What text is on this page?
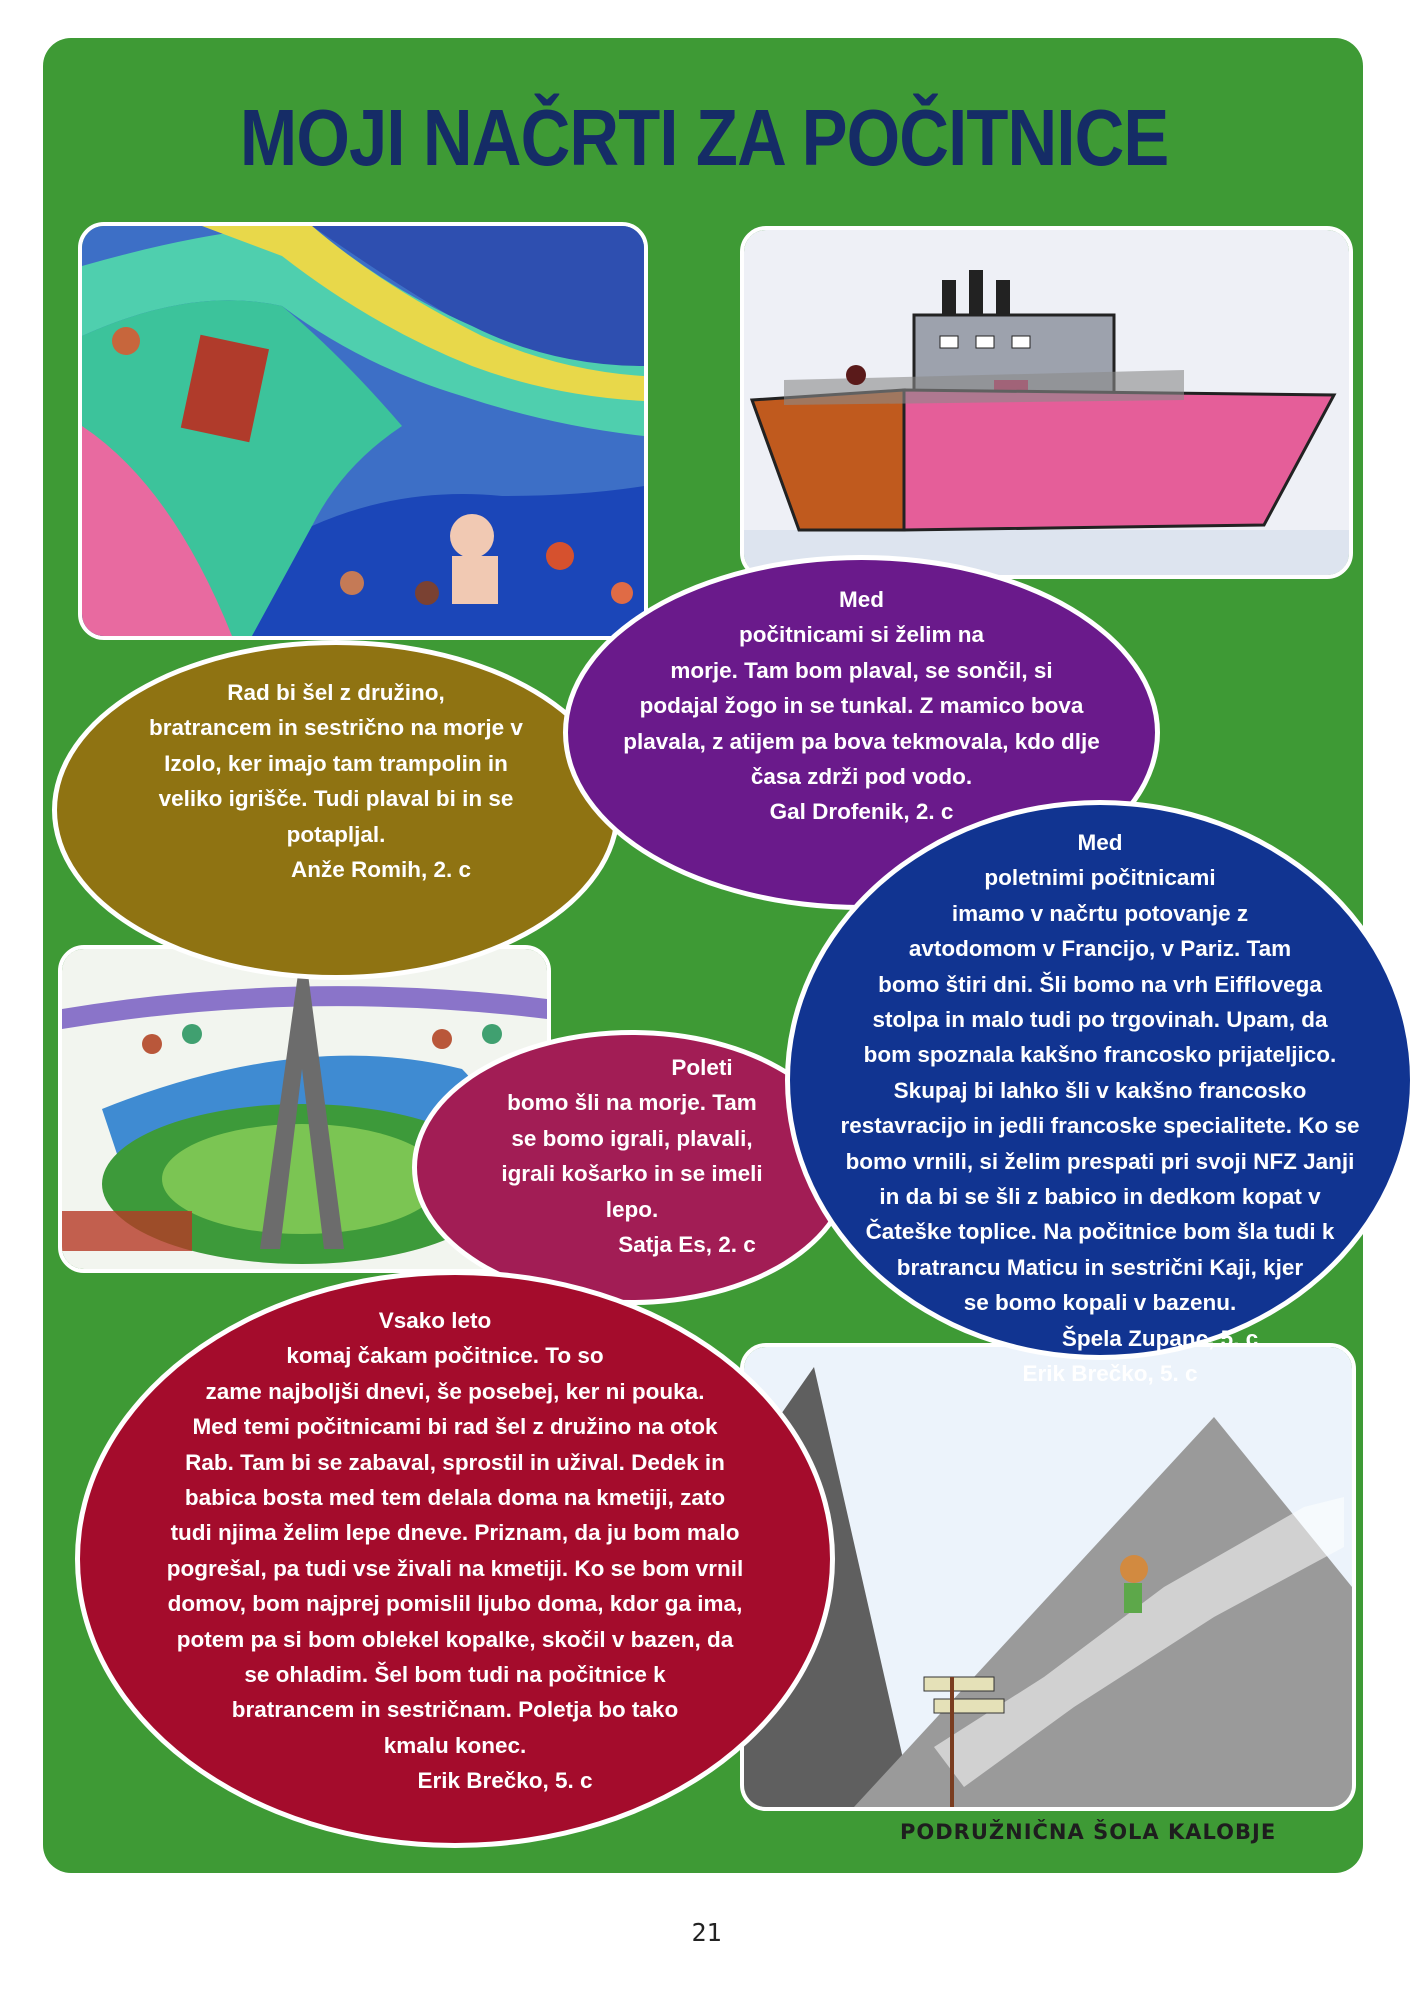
MOJI NAČRTI ZA POČITNICE
Rad bi šel z družino,
bratrancem in sestrično na morje v
Izolo, ker imajo tam trampolin in
veliko igrišče. Tudi plaval bi in se
potapljal.
Anže Romih, 2. c
Med
počitnicami si želim na
morje. Tam bom plaval, se sončil, si
podajal žogo in se tunkal. Z mamico bova
plavala, z atijem pa bova tekmovala, kdo dlje
časa zdrži pod vodo.
Gal Drofenik, 2. c
Poleti
bomo šli na morje. Tam
se bomo igrali, plavali,
igrali košarko in se imeli
lepo.
Satja Es, 2. c
Med
poletnimi počitnicami
imamo v načrtu potovanje z
avtodomom v Francijo, v Pariz. Tam
bomo štiri dni. Šli bomo na vrh Eifflovega
stolpa in malo tudi po trgovinah. Upam, da
bom spoznala kakšno francosko prijateljico.
Skupaj bi lahko šli v kakšno francosko
restavracijo in jedli francoske specialitete. Ko se
bomo vrnili, si želim prespati pri svoji NFZ Janji
in da bi se šli z babico in dedkom kopat v
Čateške toplice. Na počitnice bom šla tudi k
bratrancu Maticu in sestrični Kaji, kjer
se bomo kopali v bazenu.
Špela Zupanc, 5. c
Erik Brečko, 5. c
Vsako leto
komaj čakam počitnice. To so
zame najboljši dnevi, še posebej, ker ni pouka.
Med temi počitnicami bi rad šel z družino na otok
Rab. Tam bi se zabaval, sprostil in užival. Dedek in
babica bosta med tem delala doma na kmetiji, zato
tudi njima želim lepe dneve. Priznam, da ju bom malo
pogrešal, pa tudi vse živali na kmetiji. Ko se bom vrnil
domov, bom najprej pomislil ljubo doma, kdor ga ima,
potem pa si bom oblekel kopalke, skočil v bazen, da
se ohladim. Šel bom tudi na počitnice k
bratrancem in sestričnam. Poletja bo tako
kmalu konec.
Erik Brečko, 5. c
PODRUŽNIČNA ŠOLA KALOBJE
21
